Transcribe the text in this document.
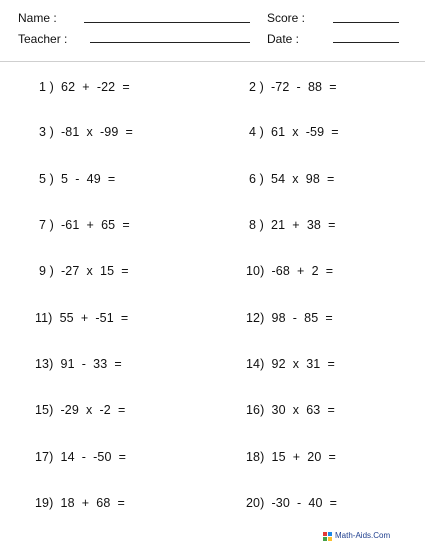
Name :	Score :
Teacher :	Date :
1 )  62  +  -22  =	2 )  -72  -  88  =
3 )  -81  x  -99  =	4 )  61  x  -59  =
5 )  5  -  49  =	6 )  54  x  98  =
7 )  -61  +  65  =	8 )  21  +  38  =
9 )  -27  x  15  =	10)  -68  +  2  =
11)  55  +  -51  =	12)  98  -  85  =
13)  91  -  33  =	14)  92  x  31  =
15)  -29  x  -2  =	16)  30  x  63  =
17)  14  -  -50  =	18)  15  +  20  =
19)  18  +  68  =	20)  -30  -  40  =
Math-Aids.Com
